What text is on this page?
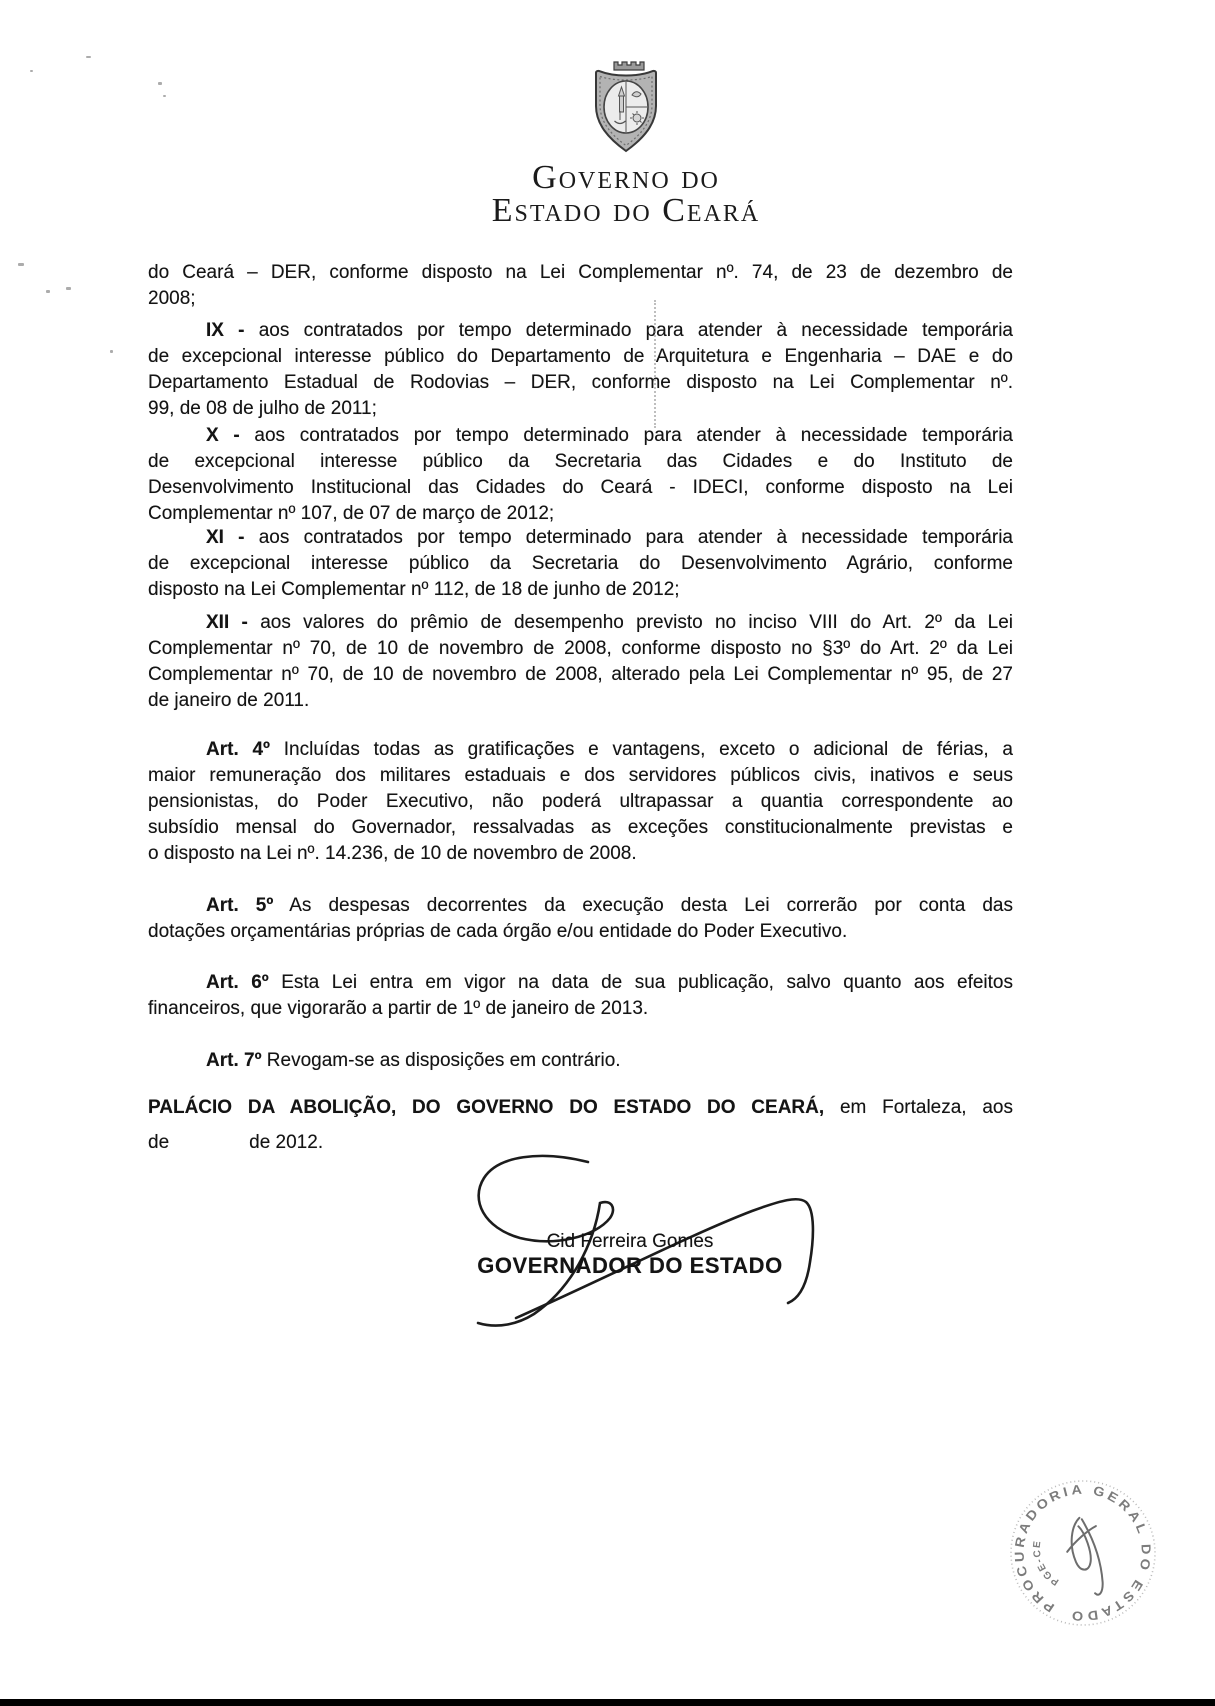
Governo do
Estado do Ceará
do Ceará – DER, conforme disposto na Lei Complementar nº. 74, de 23 de dezembro de
2008;
IX - aos contratados por tempo determinado para atender à necessidade temporária
de excepcional interesse público do Departamento de Arquitetura e Engenharia – DAE e do
Departamento Estadual de Rodovias – DER, conforme disposto na Lei Complementar nº.
99, de 08 de julho de 2011;
X - aos contratados por tempo determinado para atender à necessidade temporária
de excepcional interesse público da Secretaria das Cidades e do Instituto de
Desenvolvimento Institucional das Cidades do Ceará - IDECI, conforme disposto na Lei
Complementar nº 107, de 07 de março de 2012;
XI - aos contratados por tempo determinado para atender à necessidade temporária
de excepcional interesse público da Secretaria do Desenvolvimento Agrário, conforme
disposto na Lei Complementar nº 112, de 18 de junho de 2012;
XII - aos valores do prêmio de desempenho previsto no inciso VIII do Art. 2º da Lei
Complementar nº 70, de 10 de novembro de 2008, conforme disposto no §3º do Art. 2º da Lei
Complementar nº 70, de 10 de novembro de 2008, alterado pela Lei Complementar nº 95, de 27
de janeiro de 2011.
Art. 4º Incluídas todas as gratificações e vantagens, exceto o adicional de férias, a
maior remuneração dos militares estaduais e dos servidores públicos civis, inativos e seus
pensionistas, do Poder Executivo, não poderá ultrapassar a quantia correspondente ao
subsídio mensal do Governador, ressalvadas as exceções constitucionalmente previstas e
o disposto na Lei nº. 14.236, de 10 de novembro de 2008.
Art. 5º As despesas decorrentes da execução desta Lei correrão por conta das
dotações orçamentárias próprias de cada órgão e/ou entidade do Poder Executivo.
Art. 6º Esta Lei entra em vigor na data de sua publicação, salvo quanto aos efeitos
financeiros, que vigorarão a partir de 1º de janeiro de 2013.
Art. 7º Revogam-se as disposições em contrário.
PALÁCIO DA ABOLIÇÃO, DO GOVERNO DO ESTADO DO CEARÁ, em Fortaleza, aos
de	de 2012.
Cid Ferreira Gomes
GOVERNADOR DO ESTADO
PROCURADORIA GERAL DO ESTADO
PGE-CE
